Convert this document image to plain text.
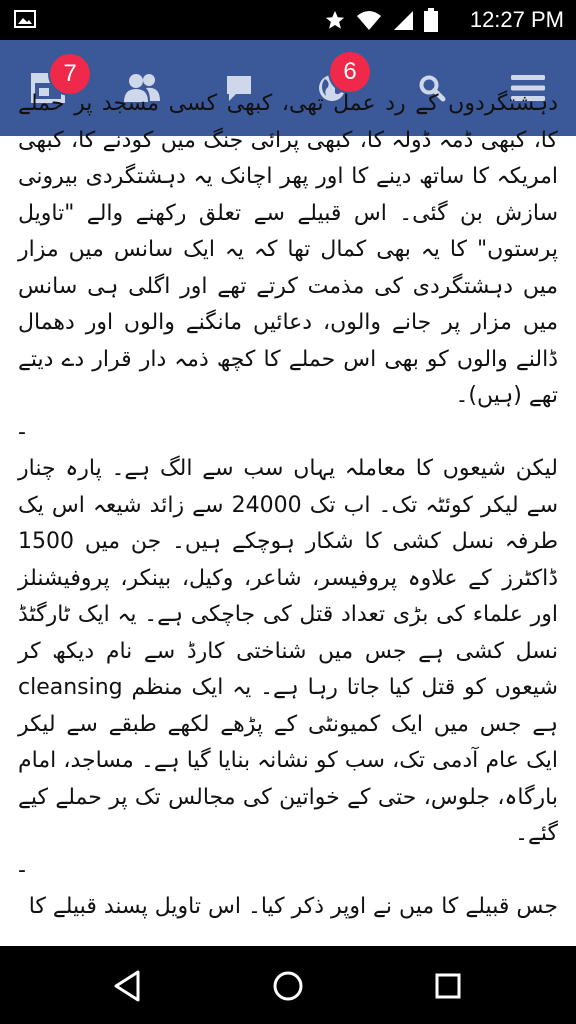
12:27 PM
7	6

دہشتگردوں کے رد عمل تھی، کبھی کسی مسجد پر حملے کا، کبھی ڈمہ ڈولہ کا، کبھی پرائی جنگ میں کودنے کا، کبھی امریکہ کا ساتھ دینے کا اور پھر اچانک یہ دہشتگردی بیرونی سازش بن گئی۔ اس قبیلے سے تعلق رکھنے والے "تاویل پرستوں" کا یہ بھی کمال تھا کہ یہ ایک سانس میں مزار میں دہشتگردی کی مذمت کرتے تھے اور اگلی ہی سانس میں مزار پر جانے والوں، دعائیں مانگنے والوں اور دھمال ڈالنے والوں کو بھی اس حملے کا کچھ ذمہ دار قرار دے دیتے تھے (ہیں)۔

-

لیکن شیعوں کا معاملہ یہاں سب سے الگ ہے۔ پارہ چنار سے لیکر کوئٹہ تک۔ اب تک 24000 سے زائد شیعہ اس یک طرفہ نسل کشی کا شکار ہوچکے ہیں۔ جن میں 1500 ڈاکٹرز کے علاوہ پروفیسر، شاعر، وکیل، بینکر، پروفیشنلز اور علماء کی بڑی تعداد قتل کی جاچکی ہے۔ یہ ایک ٹارگٹڈ نسل کشی ہے جس میں شناختی کارڈ سے نام دیکھ کر شیعوں کو قتل کیا جاتا رہا ہے۔ یہ ایک منظم cleansing ہے جس میں ایک کمیونٹی کے پڑھے لکھے طبقے سے لیکر ایک عام آدمی تک، سب کو نشانہ بنایا گیا ہے۔ مساجد، امام بارگاہ، جلوس، حتی کے خواتین کی مجالس تک پر حملے کیے گئے۔

-

جس قبیلے کا میں نے اوپر ذکر کیا۔ اس تاویل پسند قبیلے کا
